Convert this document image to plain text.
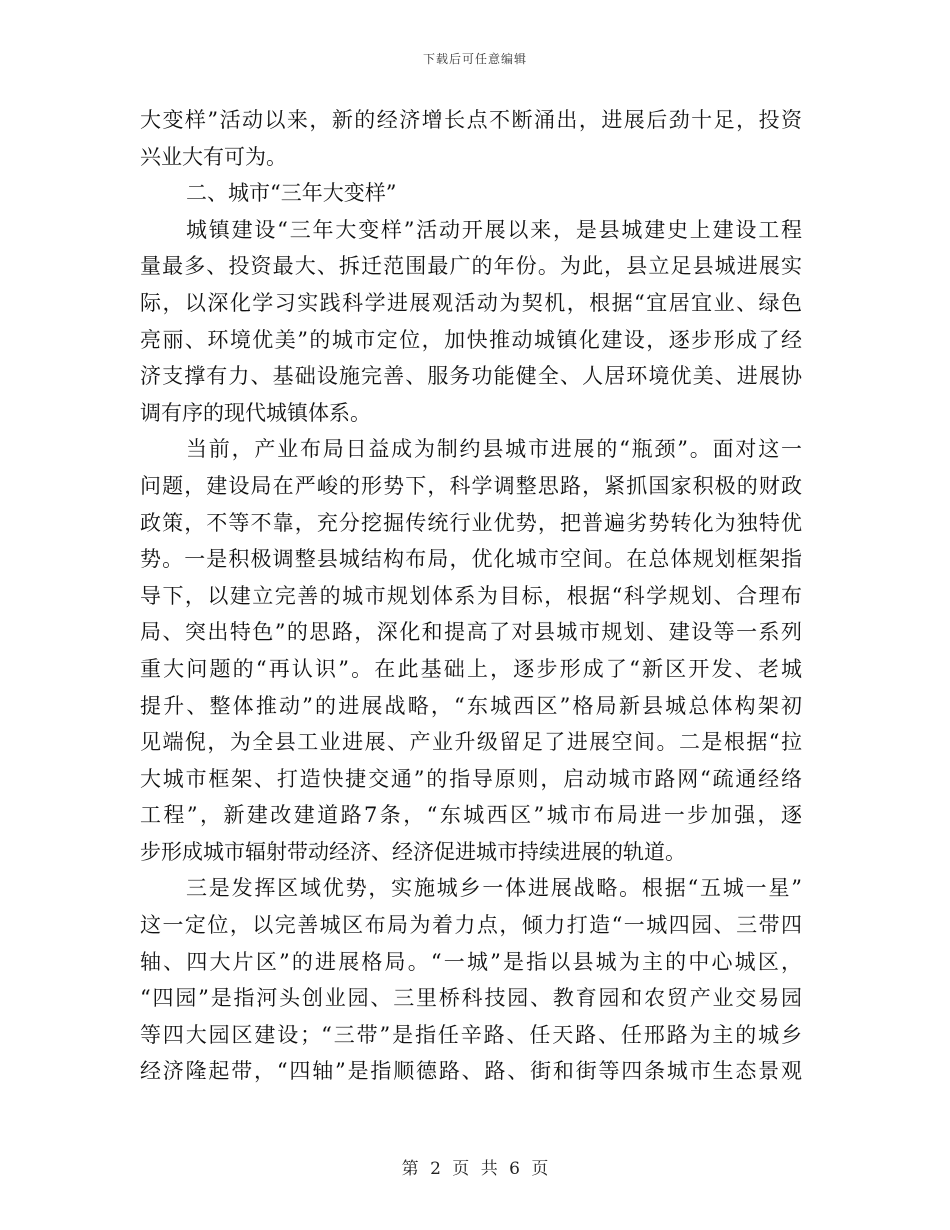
下载后可任意编辑
大变样”活动以来，新的经济增长点不断涌出，进展后劲十足，投资
兴业大有可为。
二、城市“三年大变样”
城镇建设“三年大变样”活动开展以来，是县城建史上建设工程
量最多、投资最大、拆迁范围最广的年份。为此，县立足县城进展实
际，以深化学习实践科学进展观活动为契机，根据“宜居宜业、绿色
亮丽、环境优美”的城市定位，加快推动城镇化建设，逐步形成了经
济支撑有力、基础设施完善、服务功能健全、人居环境优美、进展协
调有序的现代城镇体系。
当前，产业布局日益成为制约县城市进展的“瓶颈”。面对这一
问题，建设局在严峻的形势下，科学调整思路，紧抓国家积极的财政
政策，不等不靠，充分挖掘传统行业优势，把普遍劣势转化为独特优
势。一是积极调整县城结构布局，优化城市空间。在总体规划框架指
导下，以建立完善的城市规划体系为目标，根据“科学规划、合理布
局、突出特色”的思路，深化和提高了对县城市规划、建设等一系列
重大问题的“再认识”。在此基础上，逐步形成了“新区开发、老城
提升、整体推动”的进展战略，“东城西区”格局新县城总体构架初
见端倪，为全县工业进展、产业升级留足了进展空间。二是根据“拉
大城市框架、打造快捷交通”的指导原则，启动城市路网“疏通经络
工程”，新建改建道路7条，“东城西区”城市布局进一步加强，逐
步形成城市辐射带动经济、经济促进城市持续进展的轨道。
三是发挥区域优势，实施城乡一体进展战略。根据“五城一星”
这一定位，以完善城区布局为着力点，倾力打造“一城四园、三带四
轴、四大片区”的进展格局。“一城”是指以县城为主的中心城区，
“四园”是指河头创业园、三里桥科技园、教育园和农贸产业交易园
等四大园区建设；“三带”是指任辛路、任天路、任邢路为主的城乡
经济隆起带，“四轴”是指顺德路、路、街和街等四条城市生态景观
第 2 页 共 6 页
